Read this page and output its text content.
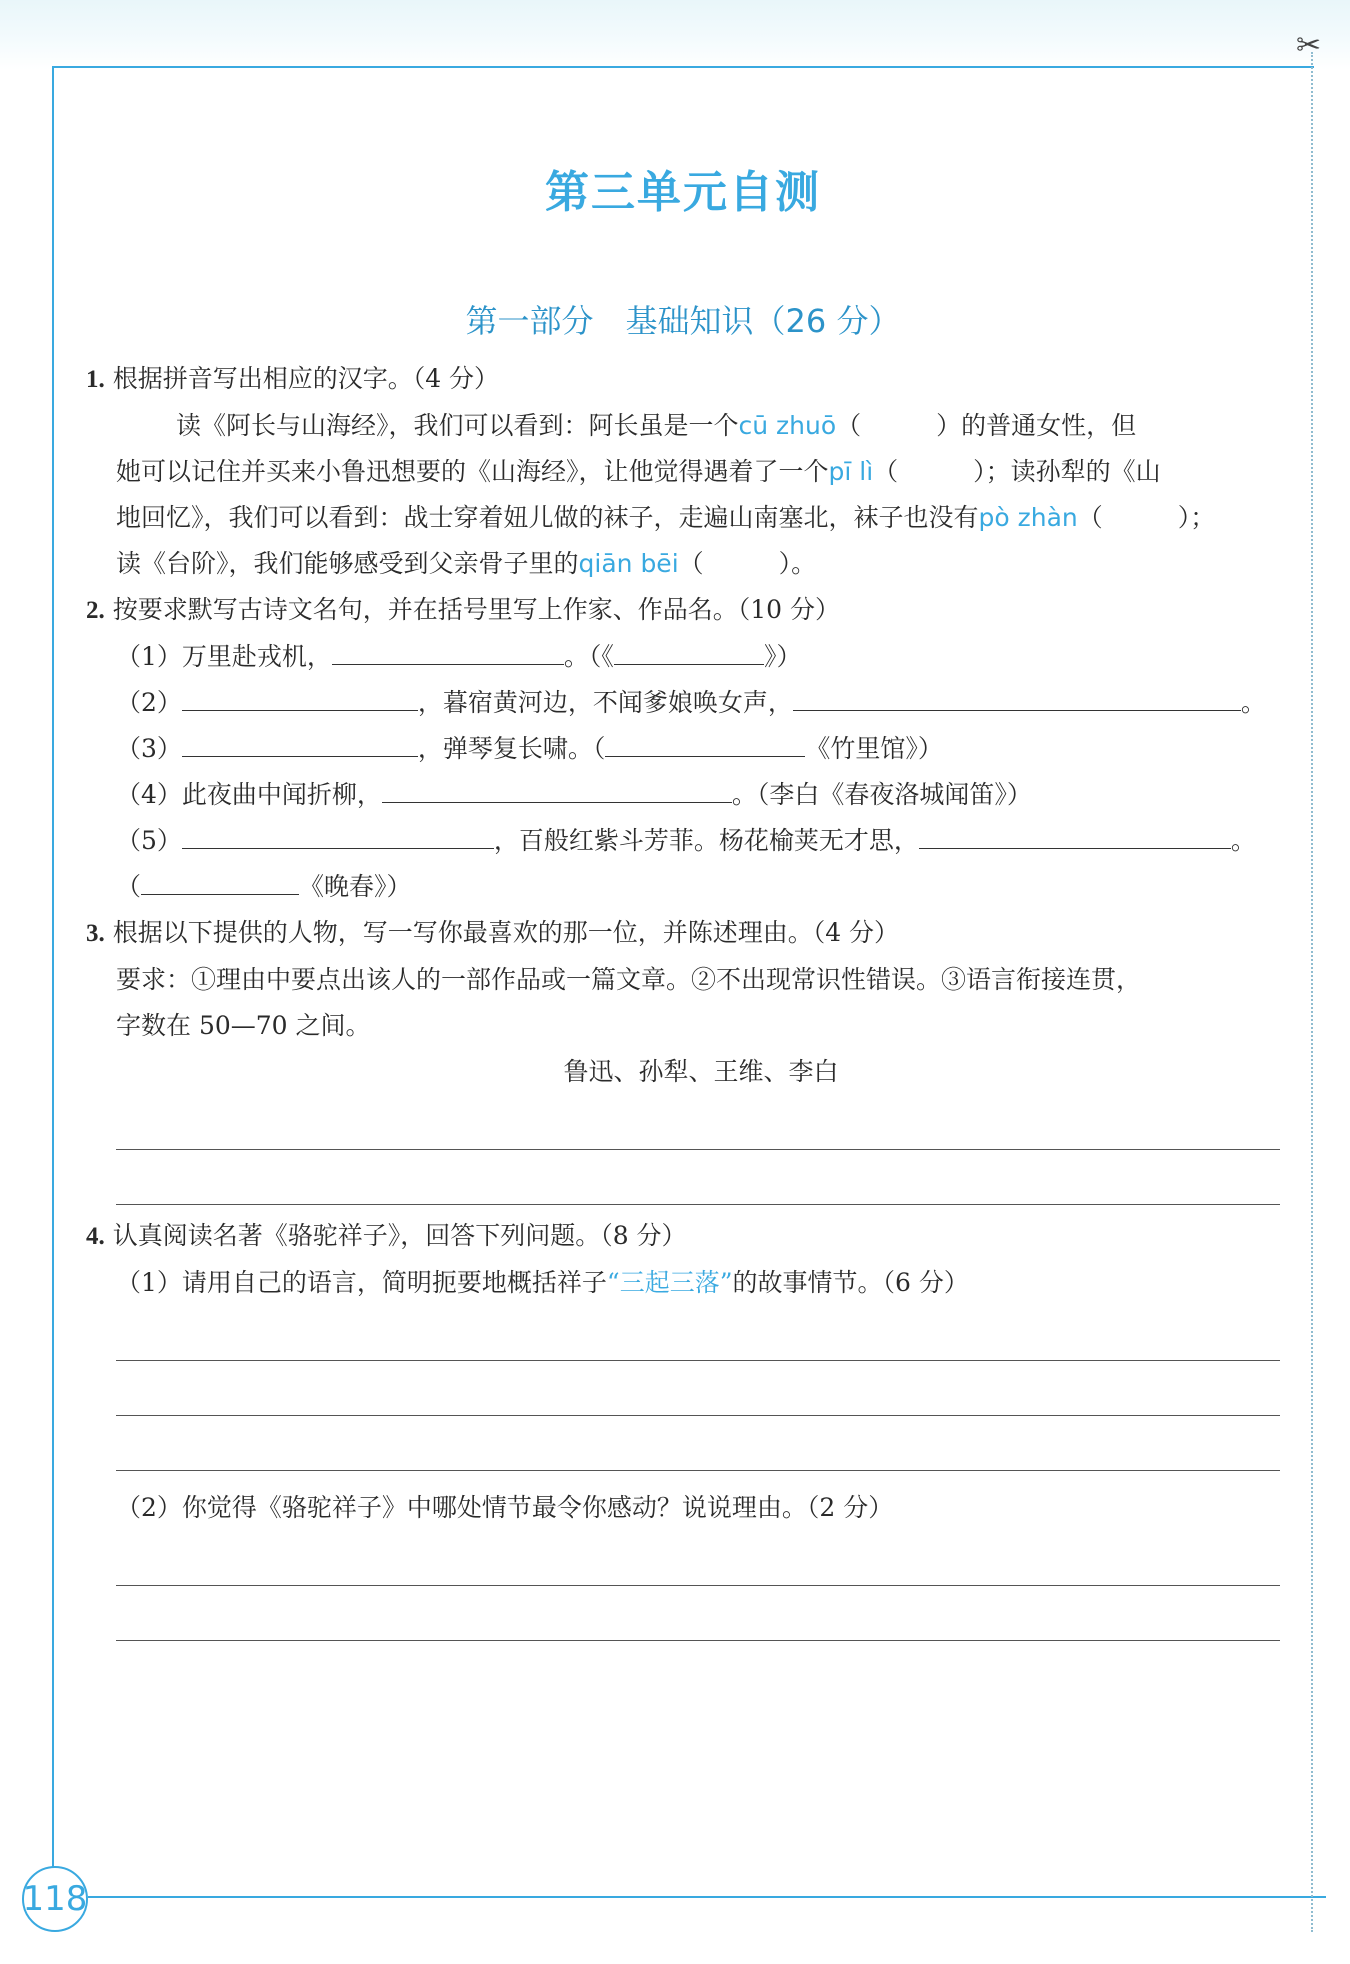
✂
118
第三单元自测
第一部分　基础知识（26 分）
1. 根据拼音写出相应的汉字。（4 分）
读《阿长与山海经》，我们可以看到：阿长虽是一个cū zhuō（　　　）的普通女性，但
她可以记住并买来小鲁迅想要的《山海经》，让他觉得遇着了一个pī lì（　　　）；读孙犁的《山
地回忆》，我们可以看到：战士穿着妞儿做的袜子，走遍山南塞北，袜子也没有pò zhàn（　　　）；
读《台阶》，我们能够感受到父亲骨子里的qiān bēi（　　　）。
2. 按要求默写古诗文名句，并在括号里写上作家、作品名。（10 分）
（1）万里赴戎机，	。（《	》）
（2）	，暮宿黄河边，不闻爹娘唤女声，	。
（3）	，弹琴复长啸。（	《竹里馆》）
（4）此夜曲中闻折柳，	。（李白《春夜洛城闻笛》）
（5）	，百般红紫斗芳菲。杨花榆荚无才思，	。
（	《晚春》）
3. 根据以下提供的人物，写一写你最喜欢的那一位，并陈述理由。（4 分）
要求：①理由中要点出该人的一部作品或一篇文章。②不出现常识性错误。③语言衔接连贯，
字数在 50—70 之间。
鲁迅、孙犁、王维、李白
4. 认真阅读名著《骆驼祥子》，回答下列问题。（8 分）
（1）请用自己的语言，简明扼要地概括祥子“三起三落”的故事情节。（6 分）
（2）你觉得《骆驼祥子》中哪处情节最令你感动？说说理由。（2 分）
